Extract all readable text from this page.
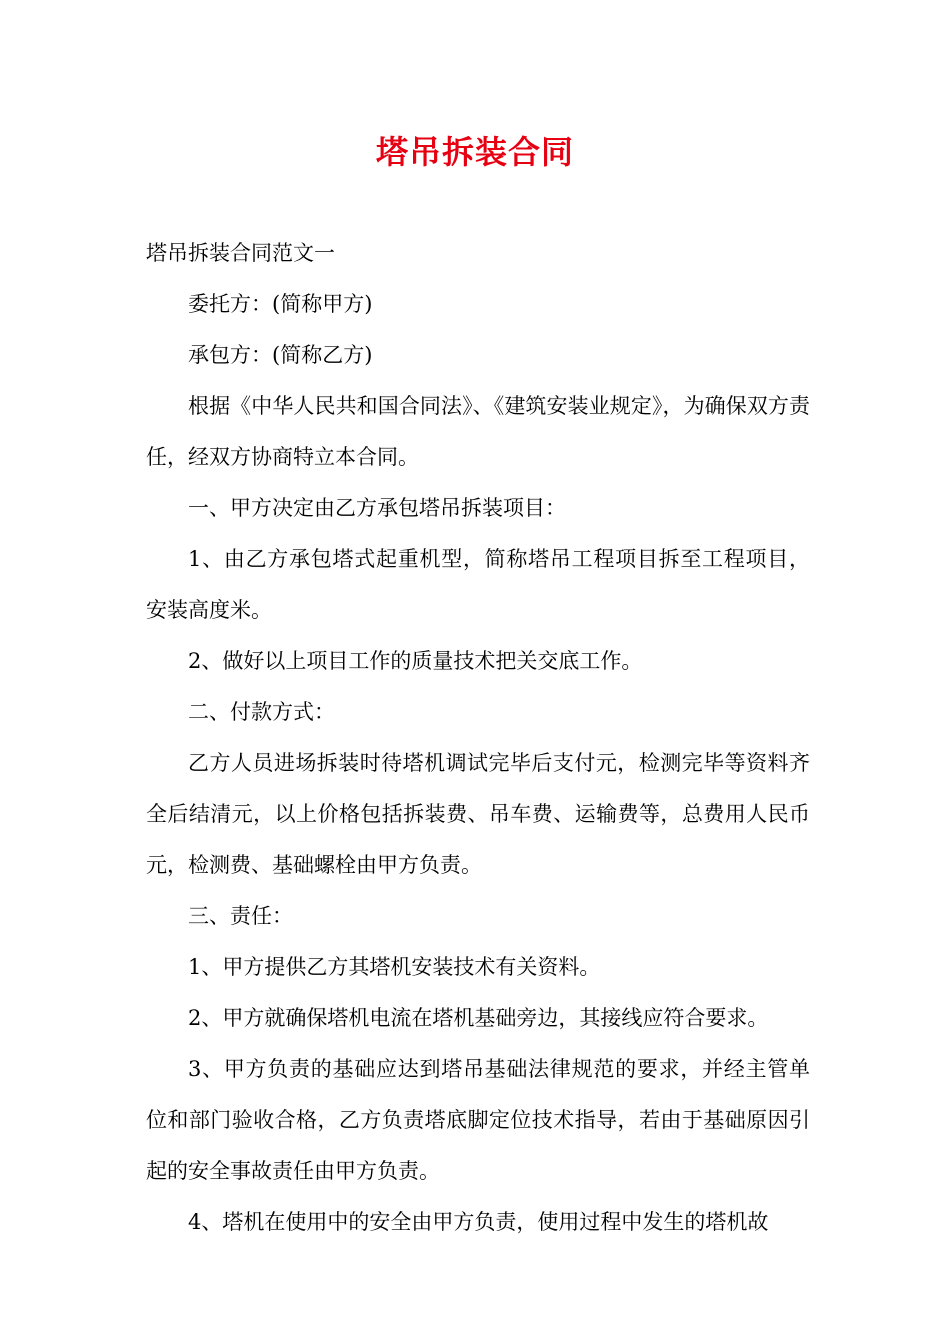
塔吊拆装合同

塔吊拆装合同范文一

委托方：(简称甲方)

承包方：(简称乙方)

根据《中华人民共和国合同法》、《建筑安装业规定》，为确保双方责任，经双方协商特立本合同。

一、甲方决定由乙方承包塔吊拆装项目：

1、由乙方承包塔式起重机型，简称塔吊工程项目拆至工程项目，安装高度米。

2、做好以上项目工作的质量技术把关交底工作。

二、付款方式：

乙方人员进场拆装时待塔机调试完毕后支付元，检测完毕等资料齐全后结清元，以上价格包括拆装费、吊车费、运输费等，总费用人民币元，检测费、基础螺栓由甲方负责。

三、责任：

1、甲方提供乙方其塔机安装技术有关资料。

2、甲方就确保塔机电流在塔机基础旁边，其接线应符合要求。

3、甲方负责的基础应达到塔吊基础法律规范的要求，并经主管单位和部门验收合格，乙方负责塔底脚定位技术指导，若由于基础原因引起的安全事故责任由甲方负责。

4、塔机在使用中的安全由甲方负责，使用过程中发生的塔机故
